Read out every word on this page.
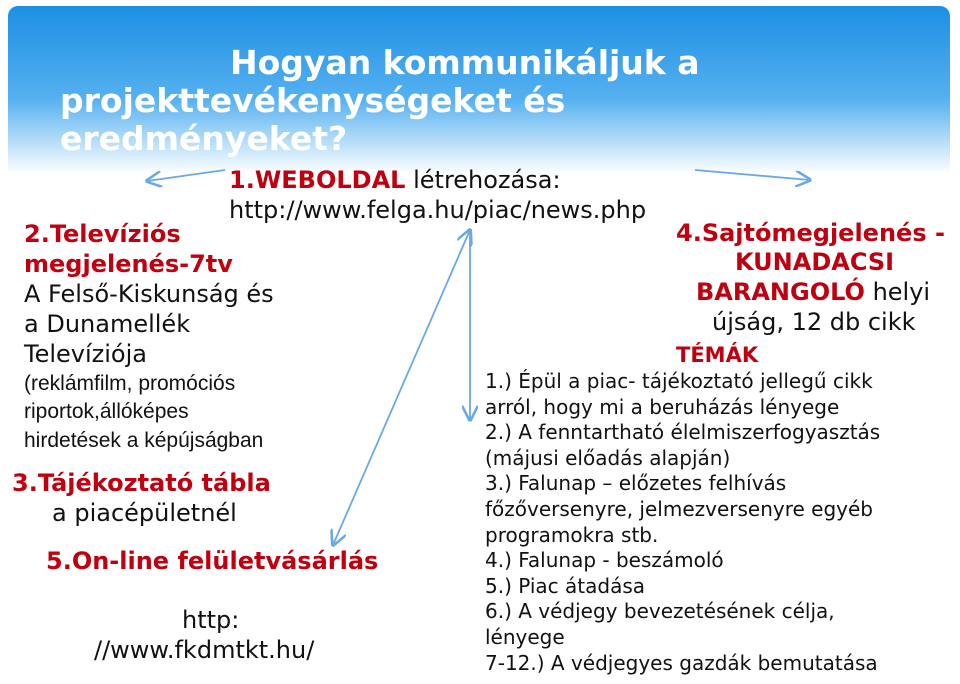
Hogyan kommunikáljuk a
projekttevékenységeket és eredményeket?
1.WEBOLDAL létrehozása:
http://www.felga.hu/piac/news.php
2.Televíziós
megjelenés-7tv
A Felső-Kiskunság és
a Dunamellék
Televíziója
(reklámfilm, promóciós
riportok,állóképes
hirdetések a képújságban
3.Tájékoztató tábla
a piacépületnél
5.On-line felületvásárlás
http:
//www.fkdmtkt.hu/
4.Sajtómegjelenés -
KUNADACSI
BARANGOLÓ helyi
újság, 12 db cikk
TÉMÁK
1.) Épül a piac- tájékoztató jellegű cikk
arról, hogy mi a beruházás lényege
2.) A fenntartható élelmiszerfogyasztás
(májusi előadás alapján)
3.) Falunap – előzetes felhívás
főzőversenyre, jelmezversenyre egyéb
programokra stb.
4.) Falunap - beszámoló
5.) Piac átadása
6.) A védjegy bevezetésének célja,
lényege
7-12.) A védjegyes gazdák bemutatása
